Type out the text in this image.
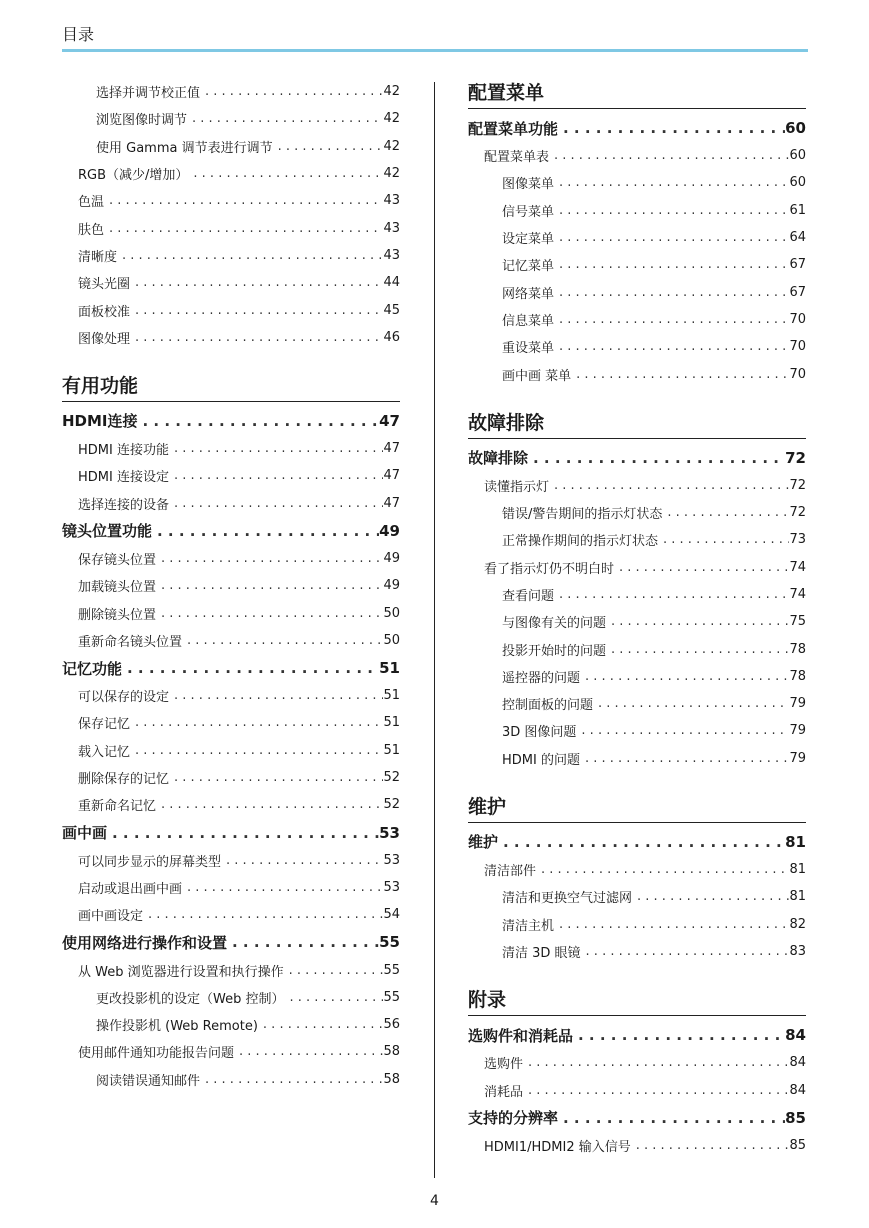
目录
选择并调节校正值 . . .	42
浏览图像时调节 . . .	42
使用 Gamma 调节表进行调节 . . .	42
RGB（减少/增加） . . .	42
色温 . . .	43
肤色 . . .	43
清晰度 . . .	43
镜头光圈 . . .	44
面板校准 . . .	45
图像处理 . . .	46
有用功能
HDMI连接 . . .	47
HDMI 连接功能 . . .	47
HDMI 连接设定 . . .	47
选择连接的设备 . . .	47
镜头位置功能 . . .	49
保存镜头位置 . . .	49
加载镜头位置 . . .	49
删除镜头位置 . . .	50
重新命名镜头位置 . . .	50
记忆功能 . . .	51
可以保存的设定 . . .	51
保存记忆 . . .	51
载入记忆 . . .	51
删除保存的记忆 . . .	52
重新命名记忆 . . .	52
画中画 . . .	53
可以同步显示的屏幕类型 . . .	53
启动或退出画中画 . . .	53
画中画设定 . . .	54
使用网络进行操作和设置 . . .	55
从 Web 浏览器进行设置和执行操作 . . .	55
更改投影机的设定（Web 控制） . . .	55
操作投影机 (Web Remote) . . .	56
使用邮件通知功能报告问题 . . .	58
阅读错误通知邮件 . . .	58
配置菜单
配置菜单功能 . . .	60
配置菜单表 . . .	60
图像菜单 . . .	60
信号菜单 . . .	61
设定菜单 . . .	64
记忆菜单 . . .	67
网络菜单 . . .	67
信息菜单 . . .	70
重设菜单 . . .	70
画中画 菜单 . . .	70
故障排除
故障排除 . . .	72
读懂指示灯 . . .	72
错误/警告期间的指示灯状态 . . .	72
正常操作期间的指示灯状态 . . .	73
看了指示灯仍不明白时 . . .	74
查看问题 . . .	74
与图像有关的问题 . . .	75
投影开始时的问题 . . .	78
遥控器的问题 . . .	78
控制面板的问题 . . .	79
3D 图像问题 . . .	79
HDMI 的问题 . . .	79
维护
维护 . . .	81
清洁部件 . . .	81
清洁和更换空气过滤网 . . .	81
清洁主机 . . .	82
清洁 3D 眼镜 . . .	83
附录
选购件和消耗品 . . .	84
选购件 . . .	84
消耗品 . . .	84
支持的分辨率 . . .	85
HDMI1/HDMI2 输入信号 . . .	85
4
